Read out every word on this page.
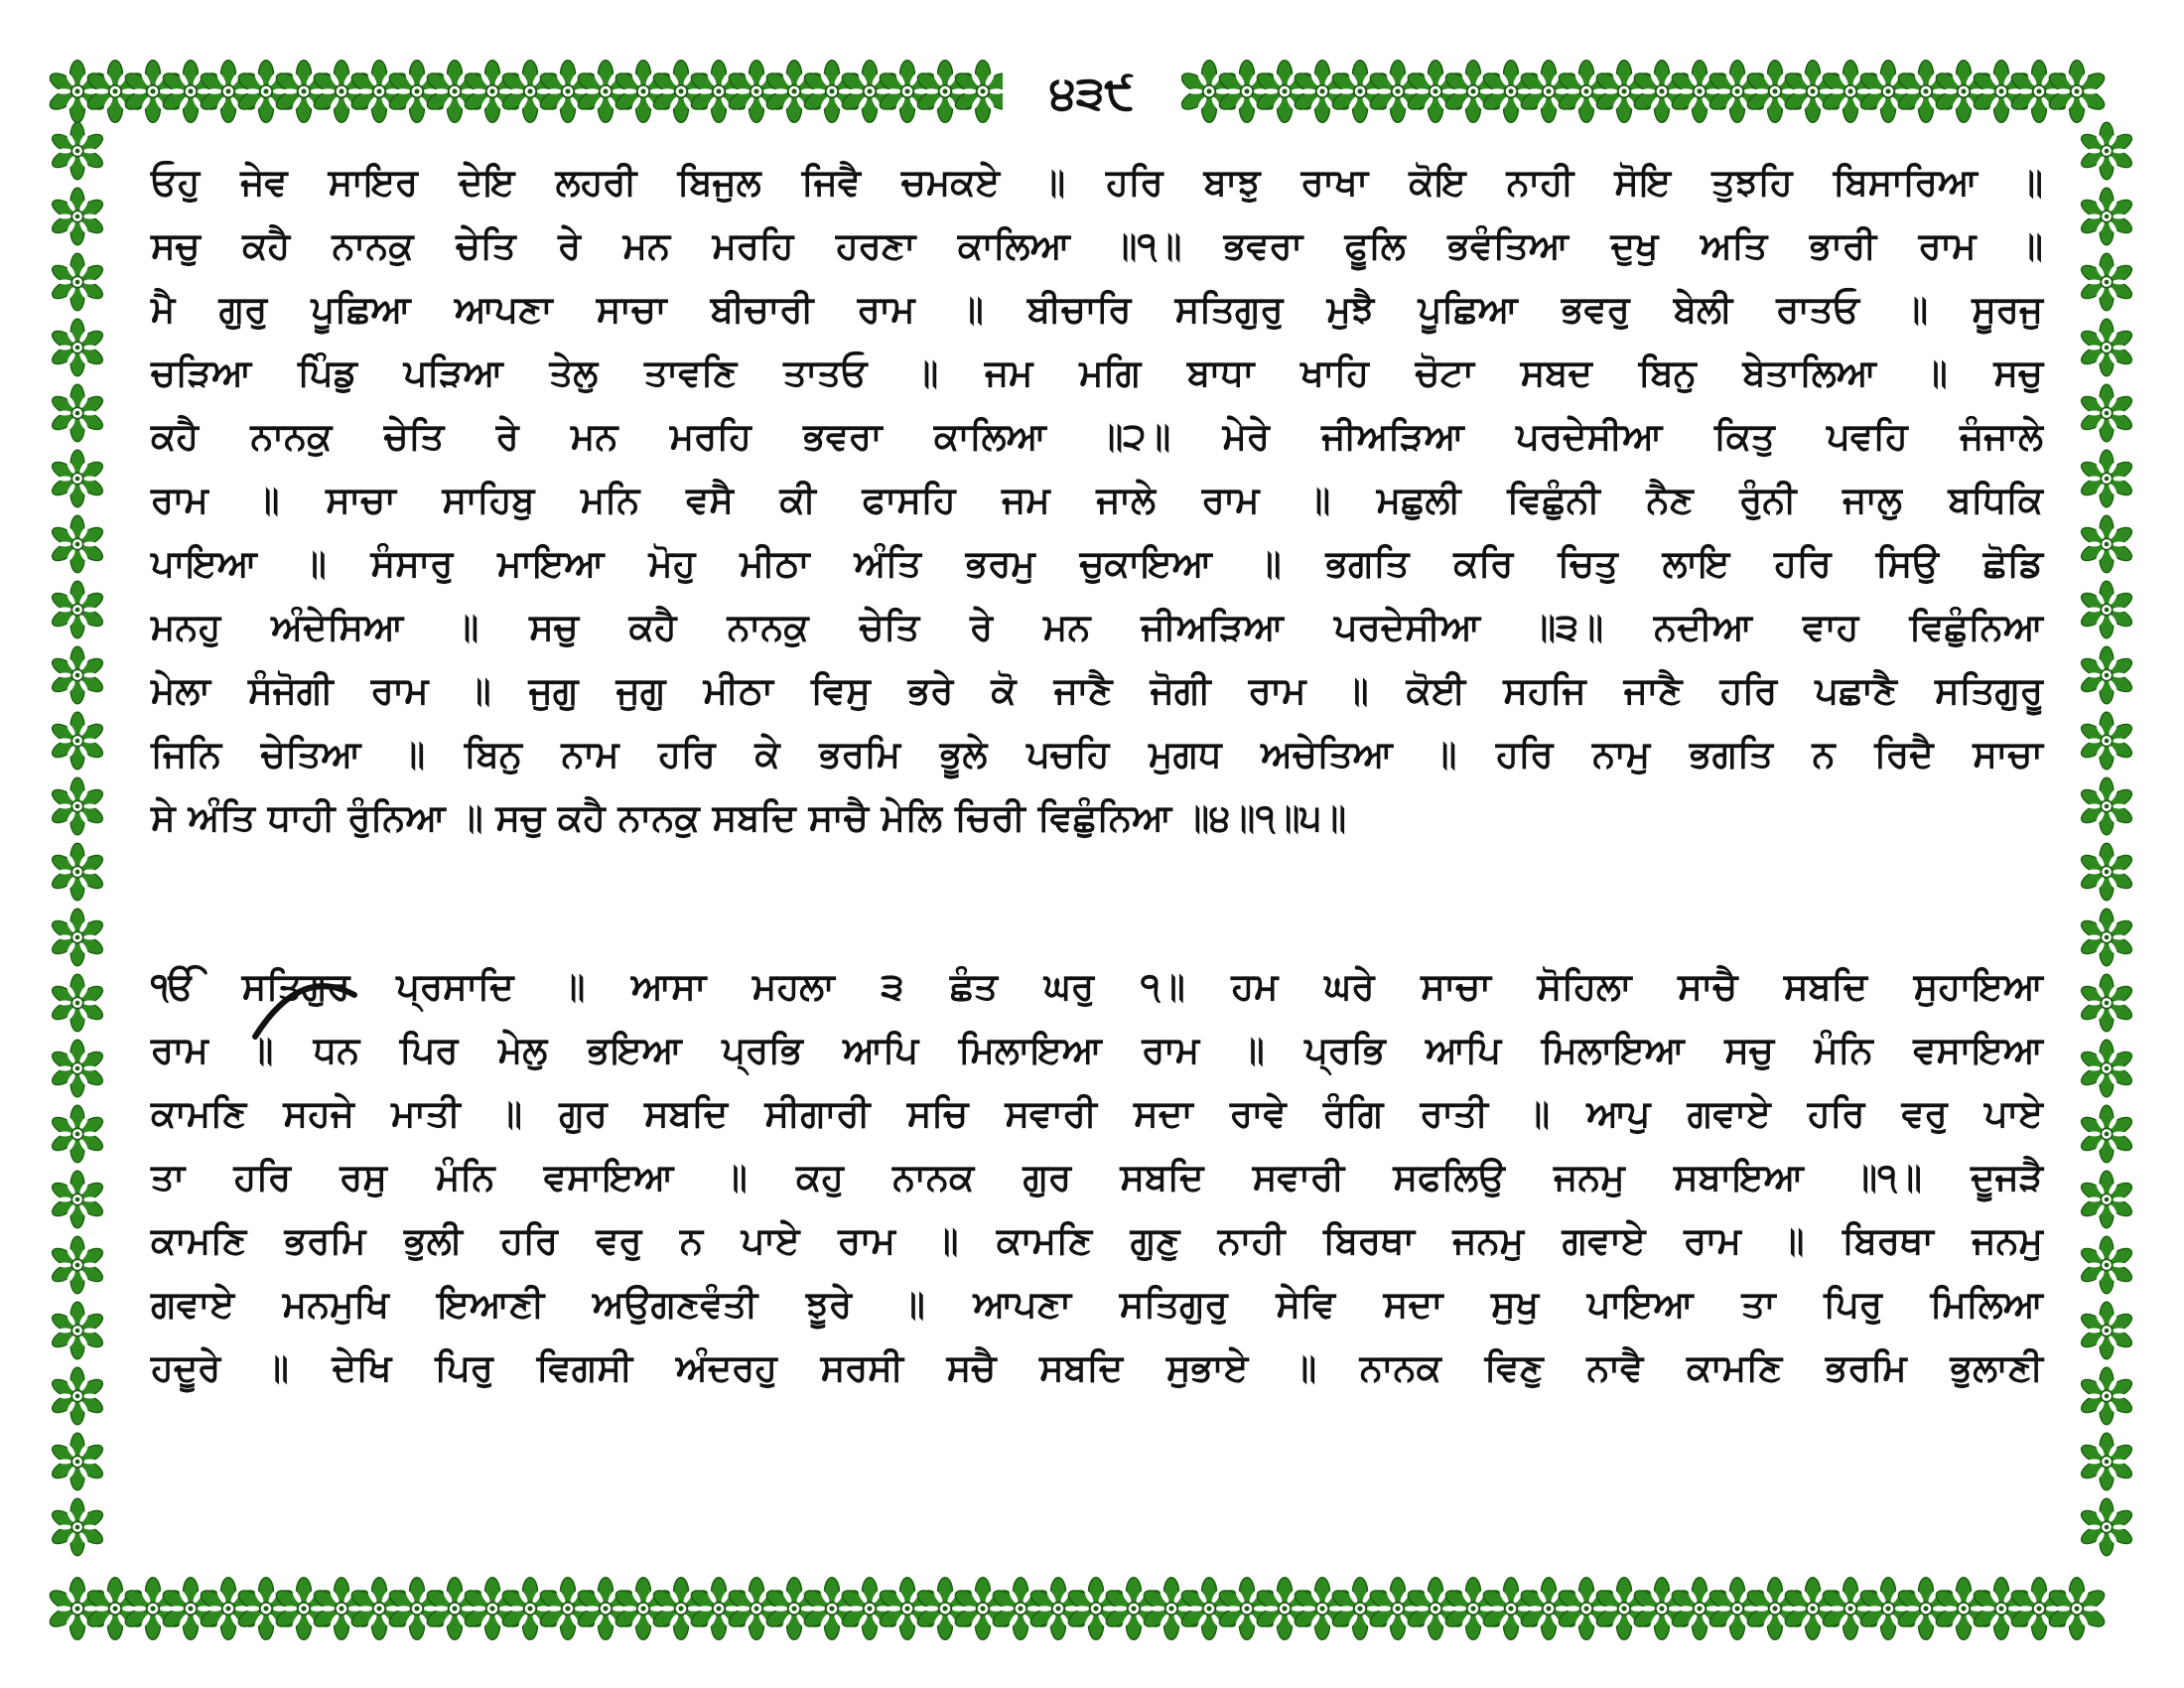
੪੩੯
ਓਹੁ ਜੇਵ ਸਾਇਰ ਦੇਇ ਲਹਰੀ ਬਿਜੁਲ ਜਿਵੈ ਚਮਕਏ ॥ ਹਰਿ ਬਾਝੁ ਰਾਖਾ ਕੋਇ ਨਾਹੀ ਸੋਇ ਤੁਝਹਿ ਬਿਸਾਰਿਆ ॥
ਸਚੁ ਕਹੈ ਨਾਨਕੁ ਚੇਤਿ ਰੇ ਮਨ ਮਰਹਿ ਹਰਣਾ ਕਾਲਿਆ ॥੧॥ ਭਵਰਾ ਫੂਲਿ ਭਵੰਤਿਆ ਦੁਖੁ ਅਤਿ ਭਾਰੀ ਰਾਮ ॥
ਮੈ ਗੁਰੁ ਪੂਛਿਆ ਆਪਣਾ ਸਾਚਾ ਬੀਚਾਰੀ ਰਾਮ ॥ ਬੀਚਾਰਿ ਸਤਿਗੁਰੁ ਮੁਝੈ ਪੂਛਿਆ ਭਵਰੁ ਬੇਲੀ ਰਾਤਓ ॥ ਸੂਰਜੁ
ਚੜਿਆ ਪਿੰਡੁ ਪੜਿਆ ਤੇਲੁ ਤਾਵਣਿ ਤਾਤਓ ॥ ਜਮ ਮਗਿ ਬਾਧਾ ਖਾਹਿ ਚੋਟਾ ਸਬਦ ਬਿਨੁ ਬੇਤਾਲਿਆ ॥ ਸਚੁ
ਕਹੈ ਨਾਨਕੁ ਚੇਤਿ ਰੇ ਮਨ ਮਰਹਿ ਭਵਰਾ ਕਾਲਿਆ ॥੨॥ ਮੇਰੇ ਜੀਅੜਿਆ ਪਰਦੇਸੀਆ ਕਿਤੁ ਪਵਹਿ ਜੰਜਾਲੇ
ਰਾਮ ॥ ਸਾਚਾ ਸਾਹਿਬੁ ਮਨਿ ਵਸੈ ਕੀ ਫਾਸਹਿ ਜਮ ਜਾਲੇ ਰਾਮ ॥ ਮਛੁਲੀ ਵਿਛੁੰਨੀ ਨੈਣ ਰੁੰਨੀ ਜਾਲੁ ਬਧਿਕਿ
ਪਾਇਆ ॥ ਸੰਸਾਰੁ ਮਾਇਆ ਮੋਹੁ ਮੀਠਾ ਅੰਤਿ ਭਰਮੁ ਚੁਕਾਇਆ ॥ ਭਗਤਿ ਕਰਿ ਚਿਤੁ ਲਾਇ ਹਰਿ ਸਿਉ ਛੋਡਿ
ਮਨਹੁ ਅੰਦੇਸਿਆ ॥ ਸਚੁ ਕਹੈ ਨਾਨਕੁ ਚੇਤਿ ਰੇ ਮਨ ਜੀਅੜਿਆ ਪਰਦੇਸੀਆ ॥੩॥ ਨਦੀਆ ਵਾਹ ਵਿਛੁੰਨਿਆ
ਮੇਲਾ ਸੰਜੋਗੀ ਰਾਮ ॥ ਜੁਗੁ ਜੁਗੁ ਮੀਠਾ ਵਿਸੁ ਭਰੇ ਕੋ ਜਾਣੈ ਜੋਗੀ ਰਾਮ ॥ ਕੋਈ ਸਹਜਿ ਜਾਣੈ ਹਰਿ ਪਛਾਣੈ ਸਤਿਗੁਰੂ
ਜਿਨਿ ਚੇਤਿਆ ॥ ਬਿਨੁ ਨਾਮ ਹਰਿ ਕੇ ਭਰਮਿ ਭੂਲੇ ਪਚਹਿ ਮੁਗਧ ਅਚੇਤਿਆ ॥ ਹਰਿ ਨਾਮੁ ਭਗਤਿ ਨ ਰਿਦੈ ਸਾਚਾ
ਸੇ ਅੰਤਿ ਧਾਹੀ ਰੁੰਨਿਆ ॥ ਸਚੁ ਕਹੈ ਨਾਨਕੁ ਸਬਦਿ ਸਾਚੈ ਮੇਲਿ ਚਿਰੀ ਵਿਛੁੰਨਿਆ ॥੪॥੧॥੫॥
ੴ ਸਤਿਗੁਰ ਪ੍ਰਸਾਦਿ ॥ ਆਸਾ ਮਹਲਾ ੩ ਛੰਤ ਘਰੁ ੧॥ ਹਮ ਘਰੇ ਸਾਚਾ ਸੋਹਿਲਾ ਸਾਚੈ ਸਬਦਿ ਸੁਹਾਇਆ
ਰਾਮ ॥ ਧਨ ਪਿਰ ਮੇਲੁ ਭਇਆ ਪ੍ਰਭਿ ਆਪਿ ਮਿਲਾਇਆ ਰਾਮ ॥ ਪ੍ਰਭਿ ਆਪਿ ਮਿਲਾਇਆ ਸਚੁ ਮੰਨਿ ਵਸਾਇਆ
ਕਾਮਣਿ ਸਹਜੇ ਮਾਤੀ ॥ ਗੁਰ ਸਬਦਿ ਸੀਗਾਰੀ ਸਚਿ ਸਵਾਰੀ ਸਦਾ ਰਾਵੇ ਰੰਗਿ ਰਾਤੀ ॥ ਆਪੁ ਗਵਾਏ ਹਰਿ ਵਰੁ ਪਾਏ
ਤਾ ਹਰਿ ਰਸੁ ਮੰਨਿ ਵਸਾਇਆ ॥ ਕਹੁ ਨਾਨਕ ਗੁਰ ਸਬਦਿ ਸਵਾਰੀ ਸਫਲਿਉ ਜਨਮੁ ਸਬਾਇਆ ॥੧॥ ਦੂਜੜੈ
ਕਾਮਣਿ ਭਰਮਿ ਭੁਲੀ ਹਰਿ ਵਰੁ ਨ ਪਾਏ ਰਾਮ ॥ ਕਾਮਣਿ ਗੁਣੁ ਨਾਹੀ ਬਿਰਥਾ ਜਨਮੁ ਗਵਾਏ ਰਾਮ ॥ ਬਿਰਥਾ ਜਨਮੁ
ਗਵਾਏ ਮਨਮੁਖਿ ਇਆਣੀ ਅਉਗਣਵੰਤੀ ਝੂਰੇ ॥ ਆਪਣਾ ਸਤਿਗੁਰੁ ਸੇਵਿ ਸਦਾ ਸੁਖੁ ਪਾਇਆ ਤਾ ਪਿਰੁ ਮਿਲਿਆ
ਹਦੂਰੇ ॥ ਦੇਖਿ ਪਿਰੁ ਵਿਗਸੀ ਅੰਦਰਹੁ ਸਰਸੀ ਸਚੈ ਸਬਦਿ ਸੁਭਾਏ ॥ ਨਾਨਕ ਵਿਣੁ ਨਾਵੈ ਕਾਮਣਿ ਭਰਮਿ ਭੁਲਾਣੀ
